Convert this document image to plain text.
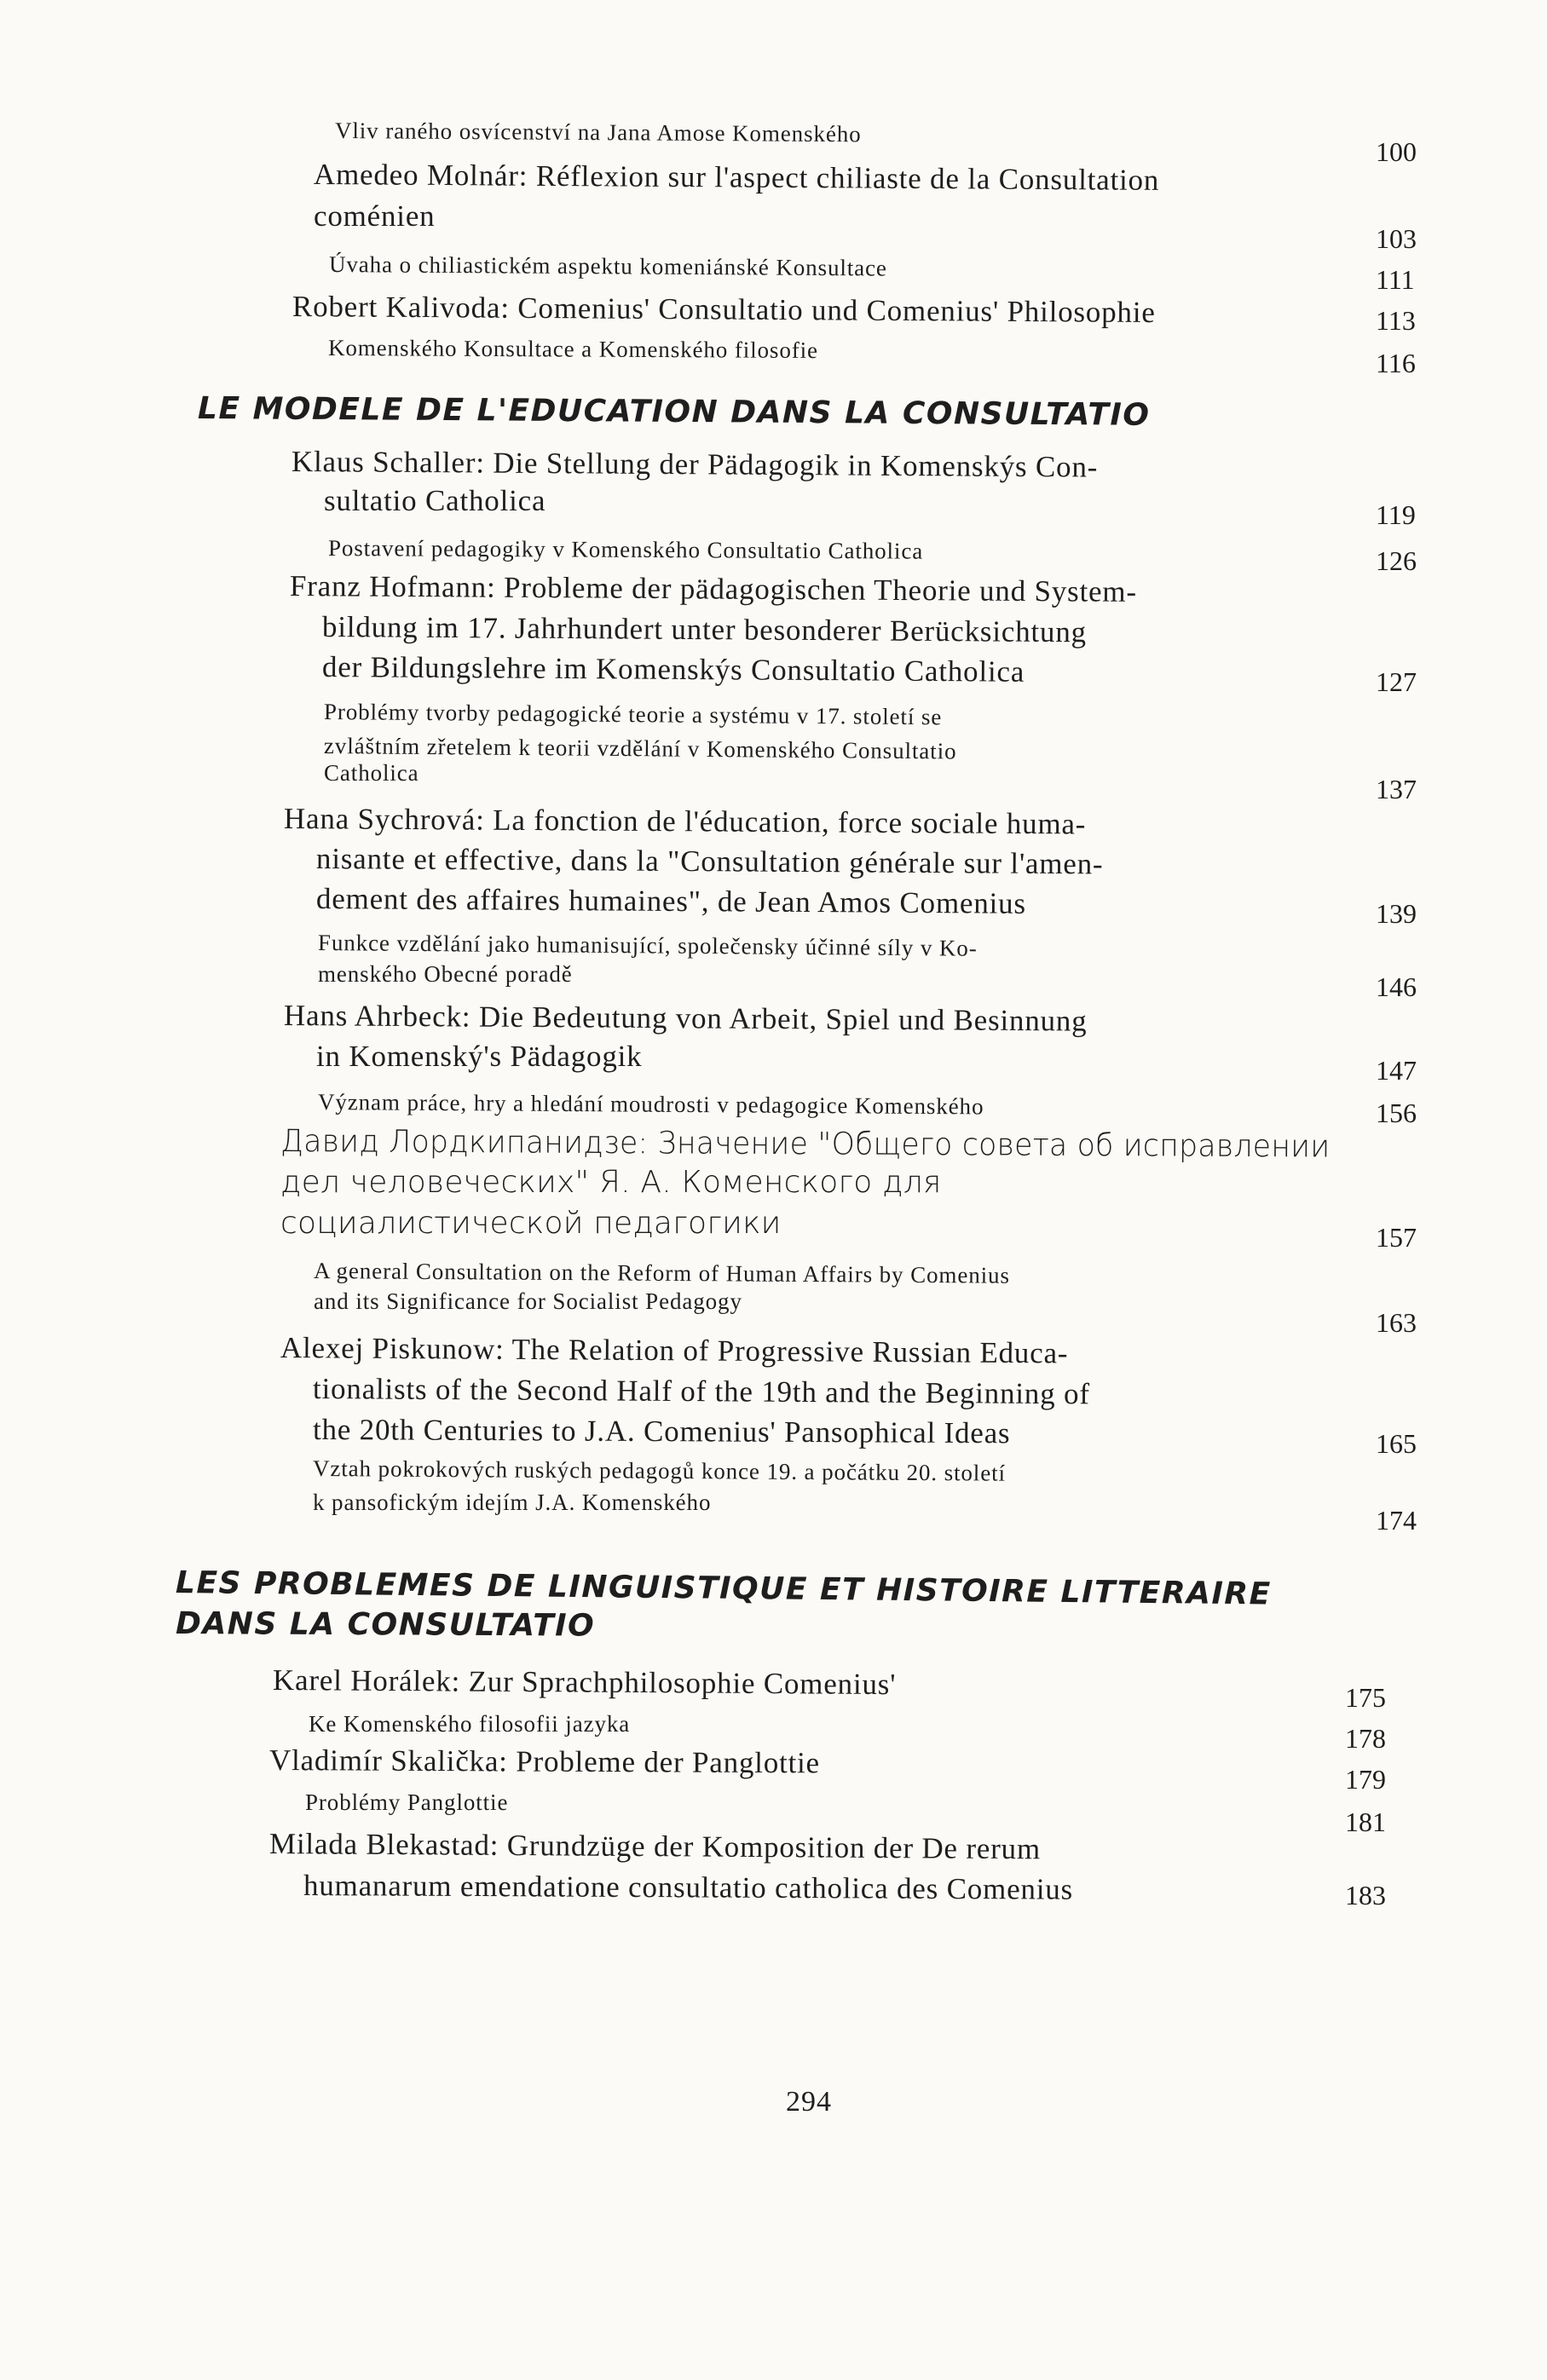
Vliv raného osvícenství na Jana Amose Komenského
Amedeo Molnár: Réflexion sur l'aspect chiliaste de la Consultation
coménien
Úvaha o chiliastickém aspektu komeniánské Konsultace
Robert Kalivoda: Comenius' Consultatio und Comenius' Philosophie
Komenského Konsultace a Komenského filosofie
LE MODELE DE L'EDUCATION DANS LA CONSULTATIO
Klaus Schaller: Die Stellung der Pädagogik in Komenskýs Con-
sultatio Catholica
Postavení pedagogiky v Komenského Consultatio Catholica
Franz Hofmann: Probleme der pädagogischen Theorie und System-
bildung im 17. Jahrhundert unter besonderer Berücksichtung
der Bildungslehre im Komenskýs Consultatio Catholica
Problémy tvorby pedagogické teorie a systému v 17. století se
zvláštním zřetelem k teorii vzdělání v Komenského Consultatio
Catholica
Hana Sychrová: La fonction de l'éducation, force sociale huma-
nisante et effective, dans la "Consultation générale sur l'amen-
dement des affaires humaines", de Jean Amos Comenius
Funkce vzdělání jako humanisující, společensky účinné síly v Ko-
menského Obecné poradě
Hans Ahrbeck: Die Bedeutung von Arbeit, Spiel und Besinnung
in Komenský's Pädagogik
Význam práce, hry a hledání moudrosti v pedagogice Komenského
Давид Лордкипанидзе: Значение "Общего совета об исправлении
дел человеческих" Я. А. Коменского для
социалистической педагогики
A general Consultation on the Reform of Human Affairs by Comenius
and its Significance for Socialist Pedagogy
Alexej Piskunow: The Relation of Progressive Russian Educa-
tionalists of the Second Half of the 19th and the Beginning of
the 20th Centuries to J.A. Comenius' Pansophical Ideas
Vztah pokrokových ruských pedagogů konce 19. a počátku 20. století
k pansofickým idejím J.A. Komenského
LES PROBLEMES DE LINGUISTIQUE ET HISTOIRE LITTERAIRE
DANS LA CONSULTATIO
Karel Horálek: Zur Sprachphilosophie Comenius'
Ke Komenského filosofii jazyka
Vladimír Skalička: Probleme der Panglottie
Problémy Panglottie
Milada Blekastad: Grundzüge der Komposition der De rerum
humanarum emendatione consultatio catholica des Comenius
100
103
111
113
116
119
126
127
137
139
146
147
156
157
163
165
174
175
178
179
181
183
294
